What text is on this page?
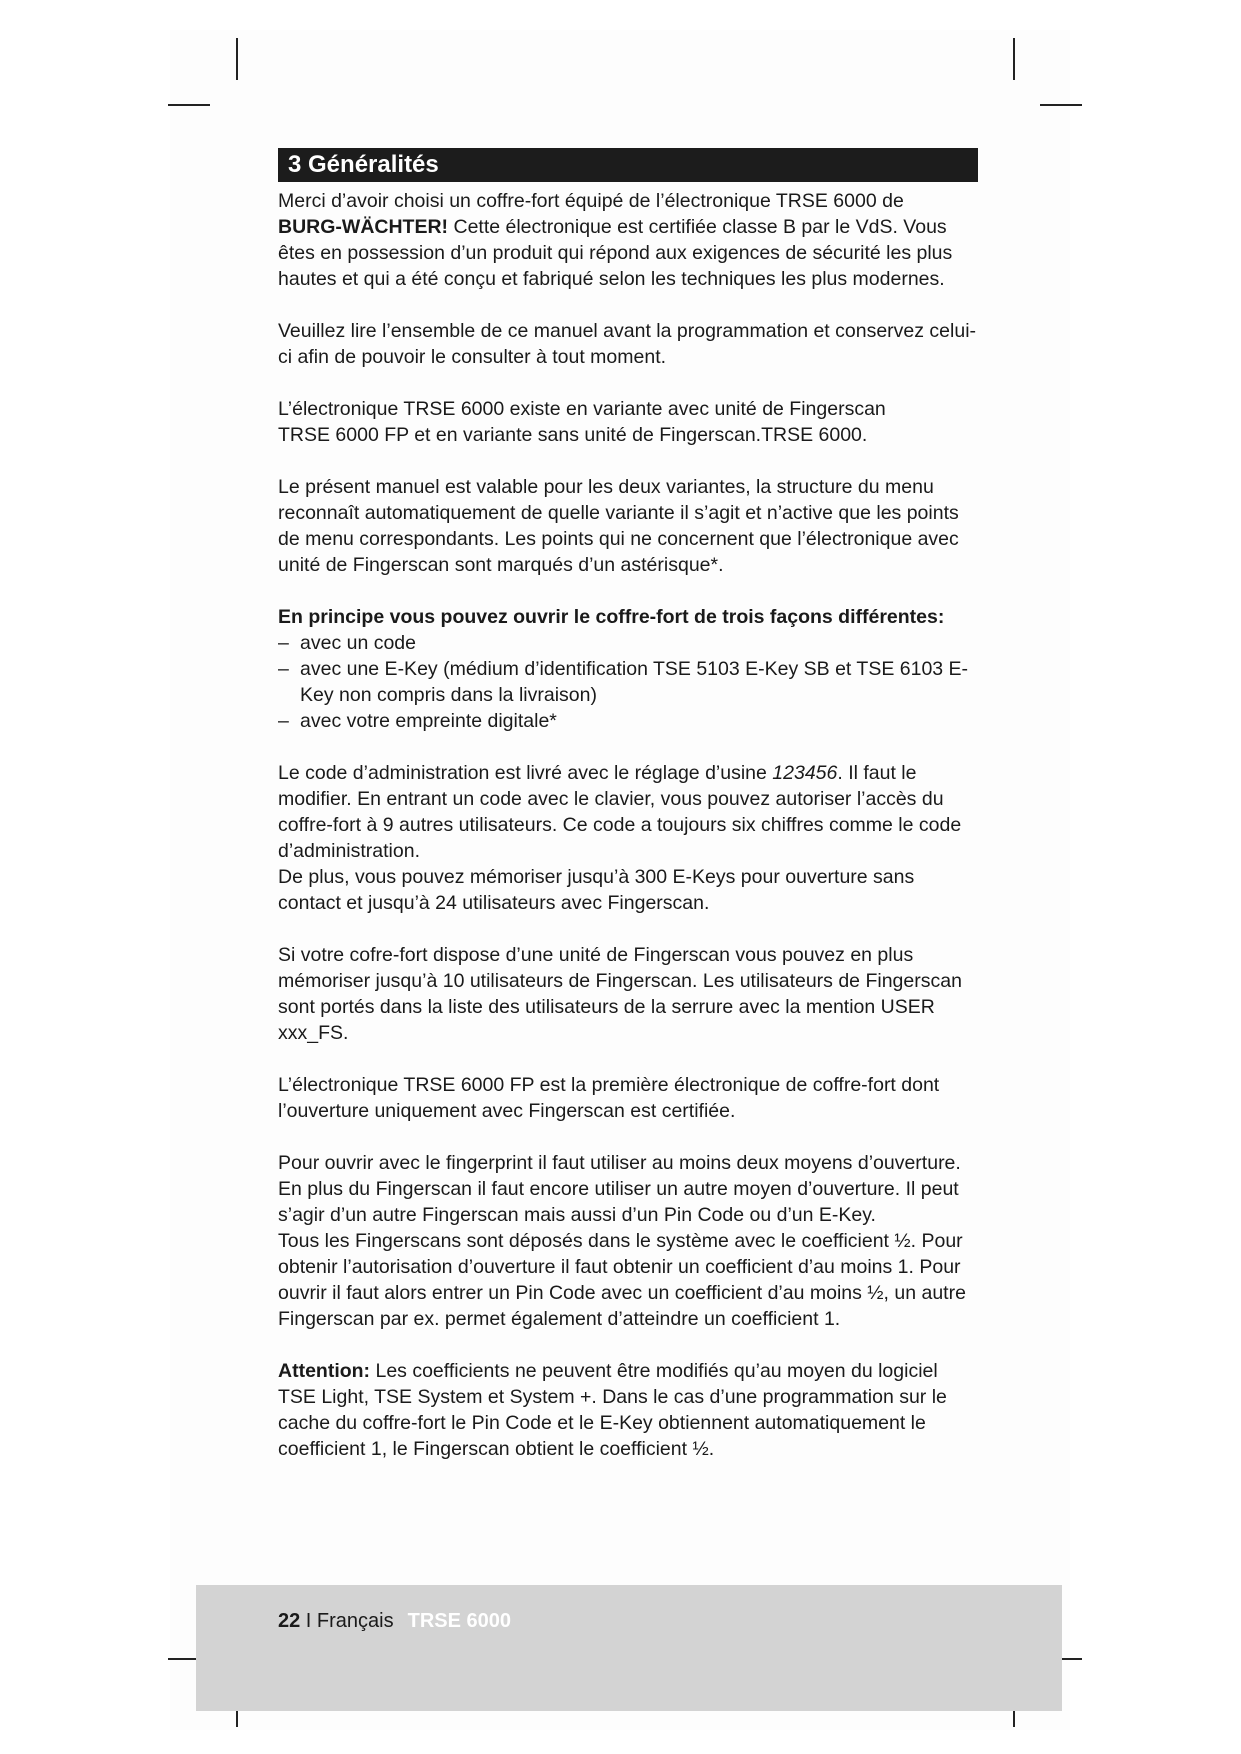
3 Généralités

Merci d’avoir choisi un coffre-fort équipé de l’électronique TRSE 6000 de
BURG-WÄCHTER! Cette électronique est certifiée classe B par le VdS. Vous êtes en possession d’un produit qui répond aux exigences de sécurité les plus hautes et qui a été conçu et fabriqué selon les techniques les plus modernes.

Veuillez lire l’ensemble de ce manuel avant la programmation et conservez celui-ci afin de pouvoir le consulter à tout moment.

L’électronique TRSE 6000 existe en variante avec unité de Fingerscan
TRSE 6000 FP et en variante sans unité de Fingerscan.TRSE 6000.

Le présent manuel est valable pour les deux variantes, la structure du menu reconnaît automatiquement de quelle variante il s’agit et n’active que les points de menu correspondants. Les points qui ne concernent que l’électronique avec unité de Fingerscan sont marqués d’un astérisque*.

En principe vous pouvez ouvrir le coffre-fort de trois façons différentes:

– avec un code
– avec une E-Key (médium d’identification TSE 5103 E-Key SB et TSE 6103 E-Key non compris dans la livraison)
– avec votre empreinte digitale*

Le code d’administration est livré avec le réglage d’usine 123456. Il faut le modifier. En entrant un code avec le clavier, vous pouvez autoriser l’accès du coffre-fort à 9 autres utilisateurs. Ce code a toujours six chiffres comme le code d’administration.

De plus, vous pouvez mémoriser jusqu’à 300 E-Keys pour ouverture sans contact et jusqu’à 24 utilisateurs avec Fingerscan.

Si votre cofre-fort dispose d’une unité de Fingerscan vous pouvez en plus mémoriser jusqu’à 10 utilisateurs de Fingerscan. Les utilisateurs de Fingerscan sont portés dans la liste des utilisateurs de la serrure avec la mention USER xxx_FS.

L’électronique TRSE 6000 FP est la première électronique de coffre-fort dont l’ouverture uniquement avec Fingerscan est certifiée.

Pour ouvrir avec le fingerprint il faut utiliser au moins deux moyens d’ouverture. En plus du Fingerscan il faut encore utiliser un autre moyen d’ouverture. Il peut s’agir d’un autre Fingerscan mais aussi d’un Pin Code ou d’un E-Key.

Tous les Fingerscans sont déposés dans le système avec le coefficient ½. Pour obtenir l’autorisation d’ouverture il faut obtenir un coefficient d’au moins 1. Pour ouvrir il faut alors entrer un Pin Code avec un coefficient d’au moins ½, un autre Fingerscan par ex. permet également d’atteindre un coefficient 1.

Attention: Les coefficients ne peuvent être modifiés qu’au moyen du logiciel TSE Light, TSE System et System +. Dans le cas d’une programmation sur le cache du coffre-fort le Pin Code et le E-Key obtiennent automatiquement le coefficient 1, le Fingerscan obtient le coefficient ½.

22 I Français TRSE 6000
